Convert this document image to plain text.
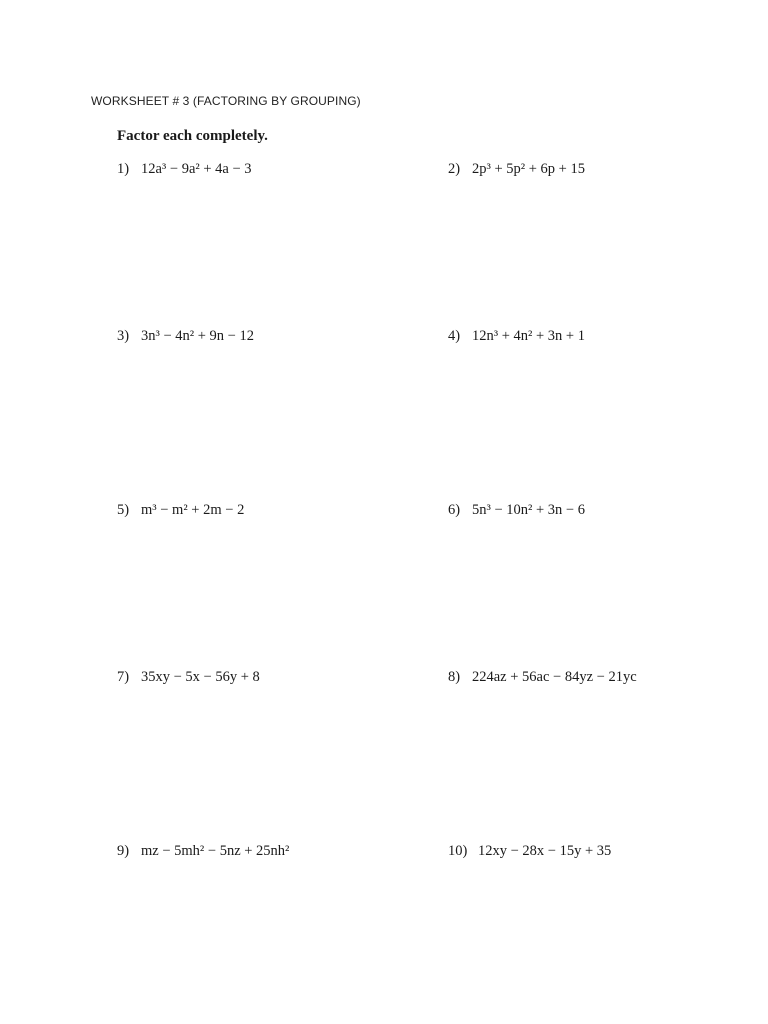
WORKSHEET # 3 (FACTORING BY GROUPING)
Factor each completely.
1) 12a³ − 9a² + 4a − 3	2) 2p³ + 5p² + 6p + 15
3) 3n³ − 4n² + 9n − 12	4) 12n³ + 4n² + 3n + 1
5) m³ − m² + 2m − 2	6) 5n³ − 10n² + 3n − 6
7) 35xy − 5x − 56y + 8	8) 224az + 56ac − 84yz − 21yc
9) mz − 5mh² − 5nz + 25nh²	10) 12xy − 28x − 15y + 35
